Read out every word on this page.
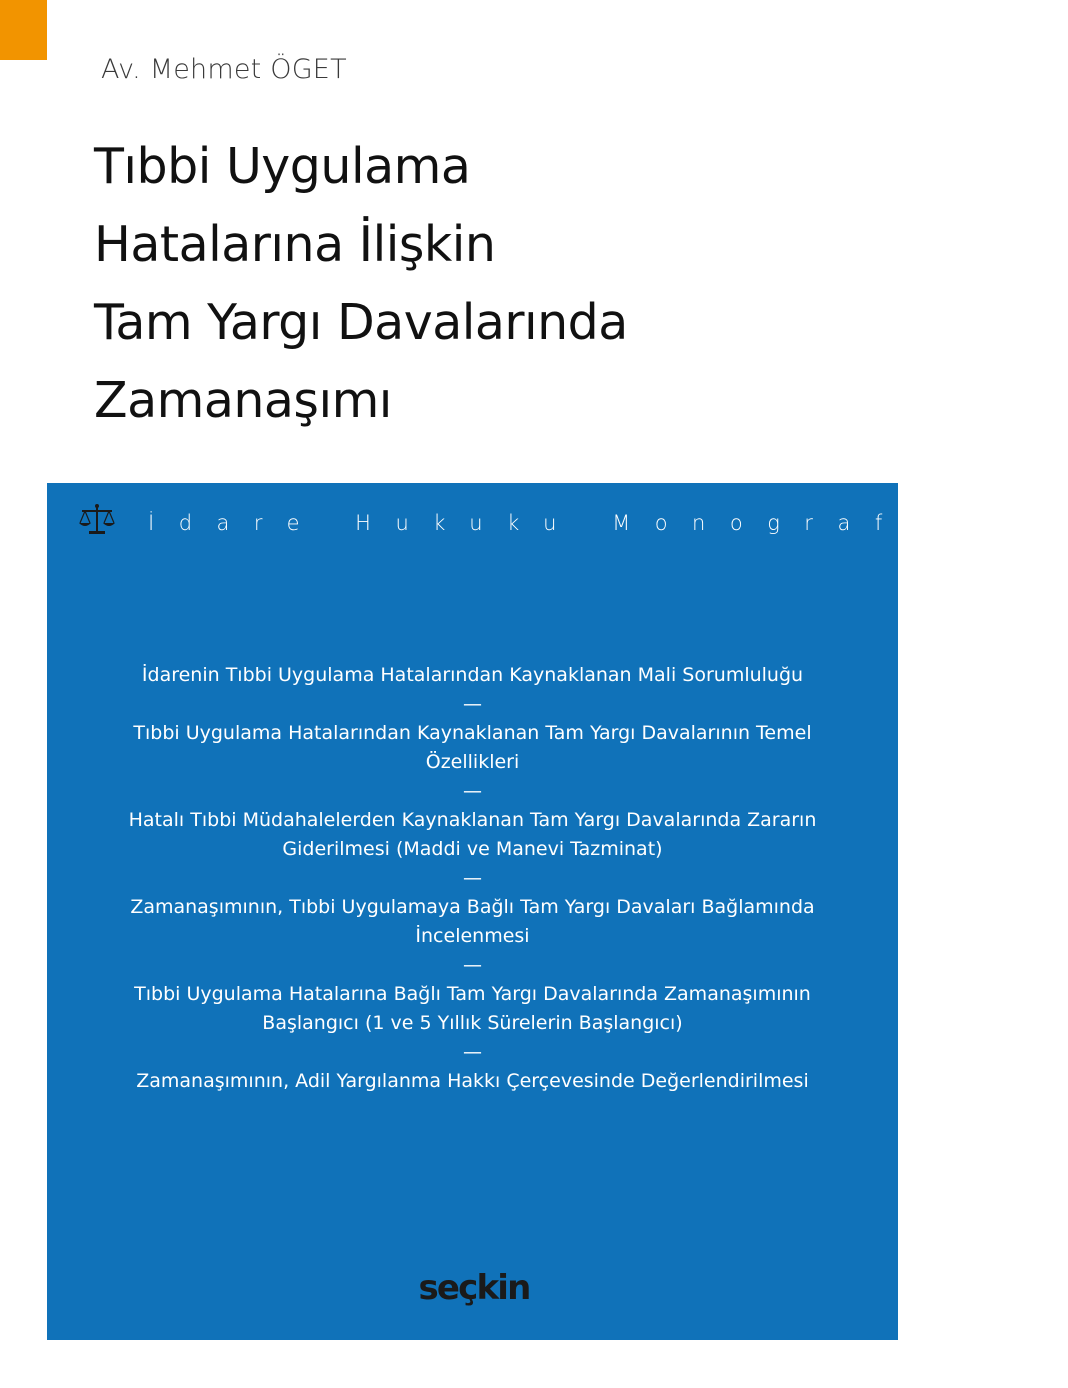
Av. Mehmet ÖGET
Tıbbi Uygulama
Hatalarına İlişkin
Tam Yargı Davalarında
Zamanaşımı
İdare Hukuku Monografileri
İdarenin Tıbbi Uygulama Hatalarından Kaynaklanan Mali Sorumluluğu
—
Tıbbi Uygulama Hatalarından Kaynaklanan Tam Yargı Davalarının Temel Özellikleri
—
Hatalı Tıbbi Müdahalelerden Kaynaklanan Tam Yargı Davalarında Zararın Giderilmesi (Maddi ve Manevi Tazminat)
—
Zamanaşımının, Tıbbi Uygulamaya Bağlı Tam Yargı Davaları Bağlamında İncelenmesi
—
Tıbbi Uygulama Hatalarına Bağlı Tam Yargı Davalarında Zamanaşımının Başlangıcı (1 ve 5 Yıllık Sürelerin Başlangıcı)
—
Zamanaşımının, Adil Yargılanma Hakkı Çerçevesinde Değerlendirilmesi
seçkin
